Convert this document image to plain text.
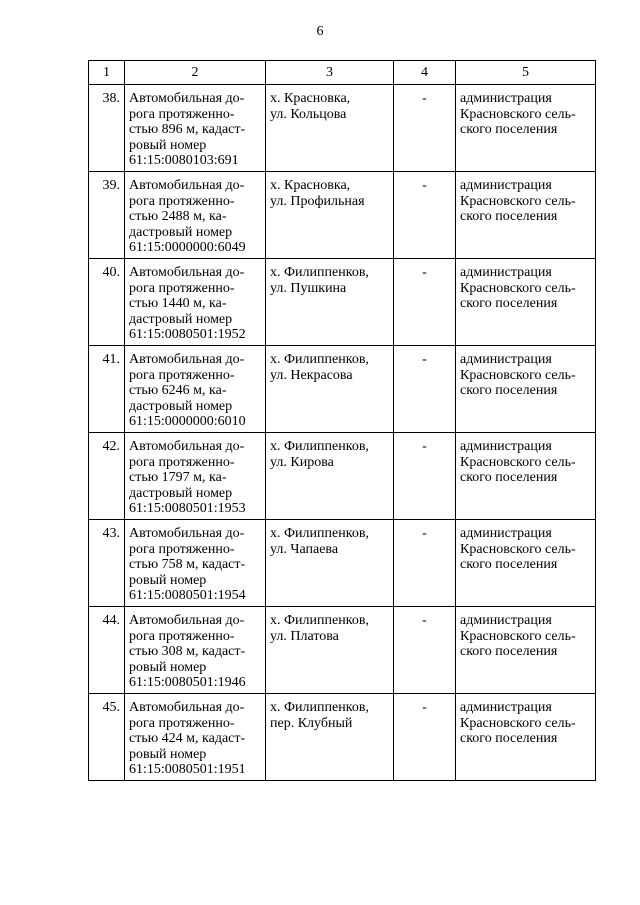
6
1	2	3	4	5
38.	Автомобильная до-
рога протяженно-
стью 896 м, кадаст-
ровый номер
61:15:0080103:691	х. Красновка,
ул. Кольцова	-	администрация
Красновского сель-
ского поселения
39.	Автомобильная до-
рога протяженно-
стью 2488 м, ка-
дастровый номер
61:15:0000000:6049	х. Красновка,
ул. Профильная	-	администрация
Красновского сель-
ского поселения
40.	Автомобильная до-
рога протяженно-
стью 1440 м, ка-
дастровый номер
61:15:0080501:1952	х. Филиппенков,
ул. Пушкина	-	администрация
Красновского сель-
ского поселения
41.	Автомобильная до-
рога протяженно-
стью 6246 м, ка-
дастровый номер
61:15:0000000:6010	х. Филиппенков,
ул. Некрасова	-	администрация
Красновского сель-
ского поселения
42.	Автомобильная до-
рога протяженно-
стью 1797 м, ка-
дастровый номер
61:15:0080501:1953	х. Филиппенков,
ул. Кирова	-	администрация
Красновского сель-
ского поселения
43.	Автомобильная до-
рога протяженно-
стью 758 м, кадаст-
ровый номер
61:15:0080501:1954	х. Филиппенков,
ул. Чапаева	-	администрация
Красновского сель-
ского поселения
44.	Автомобильная до-
рога протяженно-
стью 308 м, кадаст-
ровый номер
61:15:0080501:1946	х. Филиппенков,
ул. Платова	-	администрация
Красновского сель-
ского поселения
45.	Автомобильная до-
рога протяженно-
стью 424 м, кадаст-
ровый номер
61:15:0080501:1951	х. Филиппенков,
пер. Клубный	-	администрация
Красновского сель-
ского поселения
